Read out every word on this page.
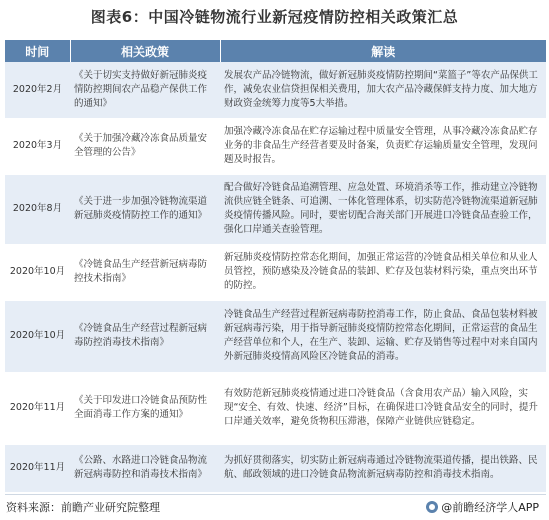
图表6：中国冷链物流行业新冠疫情防控相关政策汇总
时间	相关政策	解读
2020年2月	《关于切实支持做好新冠肺炎疫情防控期间农产品稳产保供工作的通知》	发展农产品冷链物流，做好新冠肺炎疫情防控期间“菜篮子”等农产品保供工作，减免农业信贷担保相关费用，加大农产品冷藏保鲜支持力度、加大地方财政资金统筹力度等5大举措。
2020年3月	《关于加强冷藏冷冻食品质量安全管理的公告》	加强冷藏冷冻食品在贮存运输过程中质量安全管理，从事冷藏冷冻食品贮存业务的非食品生产经营者要及时备案，负责贮存运输质量安全管理，发现问题及时报告。
2020年8月	《关于进一步加强冷链物流渠道新冠肺炎疫情防控工作的通知》	配合做好冷链食品追溯管理、应急处置、环境消杀等工作，推动建立冷链物流供应链全链条、可追溯、一体化管理体系，切实防范冷链物流渠道新冠肺炎疫情传播风险。同时，要密切配合海关部门开展进口冷链食品查验工作，强化口岸通关查验管理。
2020年10月	《冷链食品生产经营新冠病毒防控技术指南》	新冠肺炎疫情防控常态化期间，加强正常运营的冷链食品相关单位和从业人员管控，预防感染及冷链食品的装卸、贮存及包装材料污染，重点突出环节的防控。
2020年10月	《冷链食品生产经营过程新冠病毒防控消毒技术指南》	冷链食品生产经营过程新冠病毒防控消毒工作，防止食品、食品包装材料被新冠病毒污染，用于指导新冠肺炎疫情防控常态化期间，正常运营的食品生产经营单位和个人，在生产、装卸、运输、贮存及销售等过程中对来自国内外新冠肺炎疫情高风险区冷链食品的消毒。
2020年11月	《关于印发进口冷链食品预防性全面消毒工作方案的通知》	有效防范新冠肺炎疫情通过进口冷链食品（含食用农产品）输入风险，实现“安全、有效、快速、经济”目标，在确保进口冷链食品安全的同时，提升口岸通关效率，避免货物积压滞港，保障产业链供应链稳定。
2020年11月	《公路、水路进口冷链食品物流新冠病毒防控和消毒技术指南》	为抓好贯彻落实，切实防止新冠病毒通过冷链物流渠道传播，提出铁路、民航、邮政领域的进口冷链食品物流新冠病毒防控和消毒技术指南。
资料来源：前瞻产业研究院整理	@前瞻经济学人APP
